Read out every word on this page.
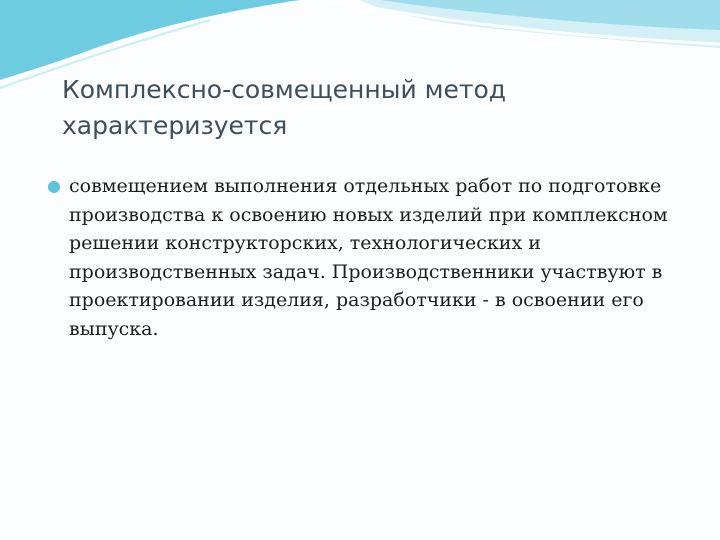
Комплексно-совмещенный метод характеризуется
совмещением выполнения отдельных работ по подготовке производства к освоению новых изделий при комплексном решении конструкторских, технологических и производственных задач. Производственники участвуют в проектировании изделия, разработчики - в освоении его выпуска.
